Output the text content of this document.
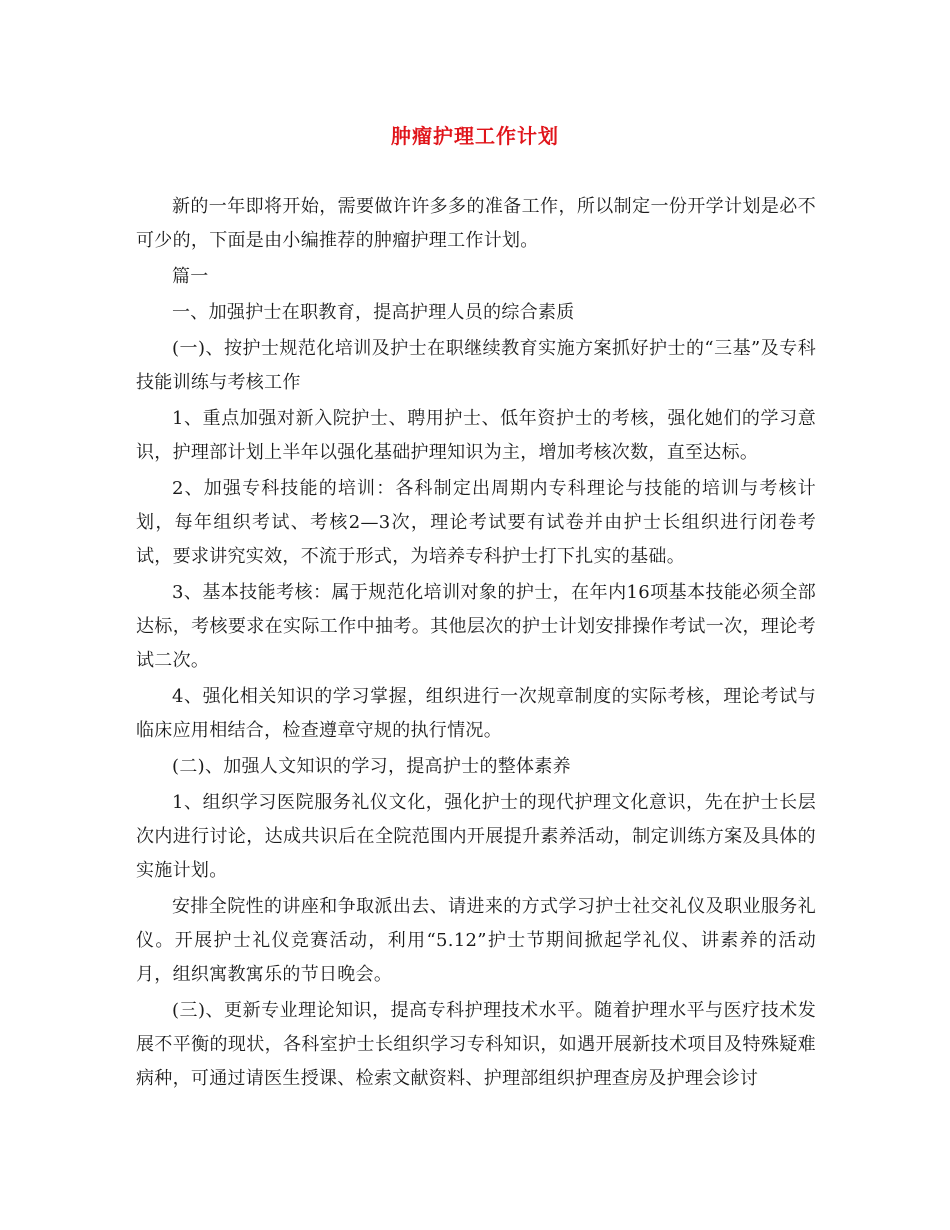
肿瘤护理工作计划

新的一年即将开始，需要做许许多多的准备工作，所以制定一份开学计划是必不可少的，下面是由小编推荐的肿瘤护理工作计划。

篇一

一、加强护士在职教育，提高护理人员的综合素质

(一)、按护士规范化培训及护士在职继续教育实施方案抓好护士的“三基”及专科技能训练与考核工作

1、重点加强对新入院护士、聘用护士、低年资护士的考核，强化她们的学习意识，护理部计划上半年以强化基础护理知识为主，增加考核次数，直至达标。

2、加强专科技能的培训：各科制定出周期内专科理论与技能的培训与考核计划，每年组织考试、考核2—3次，理论考试要有试卷并由护士长组织进行闭卷考试，要求讲究实效，不流于形式，为培养专科护士打下扎实的基础。

3、基本技能考核：属于规范化培训对象的护士，在年内16项基本技能必须全部达标，考核要求在实际工作中抽考。其他层次的护士计划安排操作考试一次，理论考试二次。

4、强化相关知识的学习掌握，组织进行一次规章制度的实际考核，理论考试与临床应用相结合，检查遵章守规的执行情况。

(二)、加强人文知识的学习，提高护士的整体素养

1、组织学习医院服务礼仪文化，强化护士的现代护理文化意识，先在护士长层次内进行讨论，达成共识后在全院范围内开展提升素养活动，制定训练方案及具体的实施计划。

安排全院性的讲座和争取派出去、请进来的方式学习护士社交礼仪及职业服务礼仪。开展护士礼仪竞赛活动，利用“5.12”护士节期间掀起学礼仪、讲素养的活动月，组织寓教寓乐的节日晚会。

(三)、更新专业理论知识，提高专科护理技术水平。随着护理水平与医疗技术发展不平衡的现状，各科室护士长组织学习专科知识，如遇开展新技术项目及特殊疑难病种，可通过请医生授课、检索文献资料、护理部组织护理查房及护理会诊讨
